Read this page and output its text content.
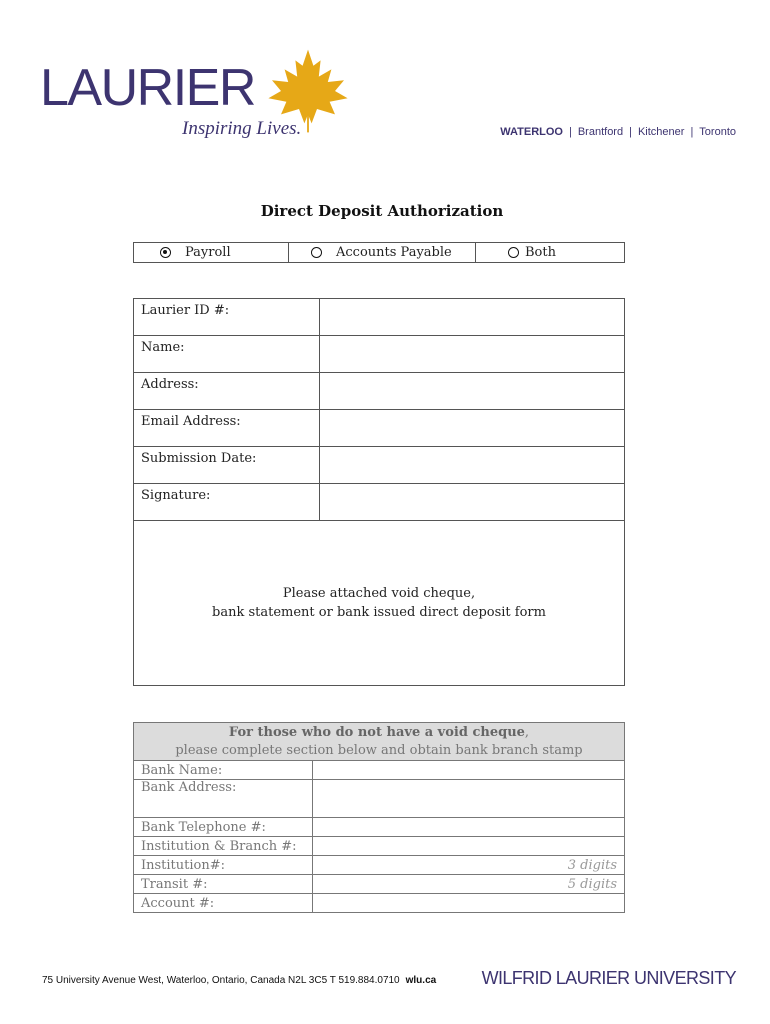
LAURIER
Inspiring Lives.	WATERLOO | Brantford | Kitchener | Toronto
Direct Deposit Authorization
Payroll	Accounts Payable	Both
Laurier ID #:	
Name:	
Address:	
Email Address:	
Submission Date:	
Signature:	
Please attached void cheque,
bank statement or bank issued direct deposit form
For those who do not have a void cheque,
please complete section below and obtain bank branch stamp	
Bank Name:	
Bank Address:	
Bank Telephone #:	
Institution & Branch #:	
Institution#:	3 digits
Transit #:	5 digits
Account #:	
75 University Avenue West, Waterloo, Ontario, Canada N2L 3C5 T 519.884.0710 wlu.ca	WILFRID LAURIER UNIVERSITY
